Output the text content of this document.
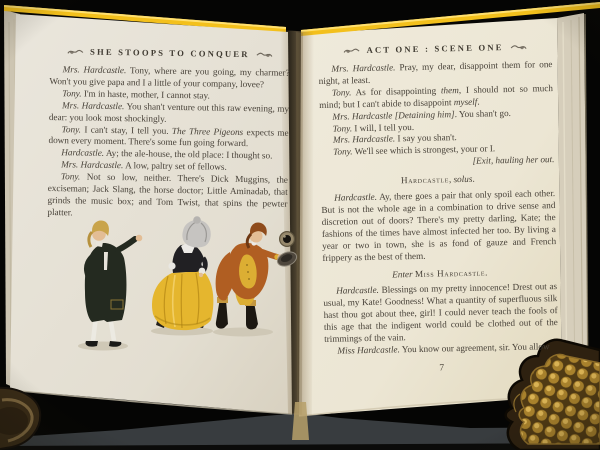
SHE STOOPS TO CONQUER
Mrs. Hardcastle. Tony, where are you going, my charmer? Won't you give papa and I a little of your company, lovee?
Tony. I'm in haste, mother, I cannot stay.
Mrs. Hardcastle. You shan't venture out this raw evening, my dear: you look most shockingly.
Tony. I can't stay, I tell you. The Three Pigeons expects me down every moment. There's some fun going forward.
Hardcastle. Ay; the ale-house, the old place: I thought so.
Mrs. Hardcastle. A low, paltry set of fellows.
Tony. Not so low, neither. There's Dick Muggins, the exciseman; Jack Slang, the horse doctor; Little Aminadab, that grinds the music box; and Tom Twist, that spins the pewter platter.
ACT ONE : SCENE ONE
Mrs. Hardcastle. Pray, my dear, disappoint them for one night, at least.
Tony. As for disappointing them, I should not so much mind; but I can't abide to disappoint myself.
Mrs. Hardcastle [Detaining him]. You shan't go.
Tony. I will, I tell you.
Mrs. Hardcastle. I say you shan't.
Tony. We'll see which is strongest, your or I.
[Exit, hauling her out.
Hardcastle, solus.
Hardcastle. Ay, there goes a pair that only spoil each other. But is not the whole age in a combination to drive sense and discretion out of doors? There's my pretty darling, Kate; the fashions of the times have almost infected her too. By living a year or two in town, she is as fond of gauze and French frippery as the best of them.
Enter Miss Hardcastle.
Hardcastle. Blessings on my pretty innocence! Drest out as usual, my Kate! Goodness! What a quantity of superfluous silk hast thou got about thee, girl! I could never teach the fools of this age that the indigent world could be clothed out of the trimmings of the vain.
Miss Hardcastle. You know our agreement, sir. You allow
7
